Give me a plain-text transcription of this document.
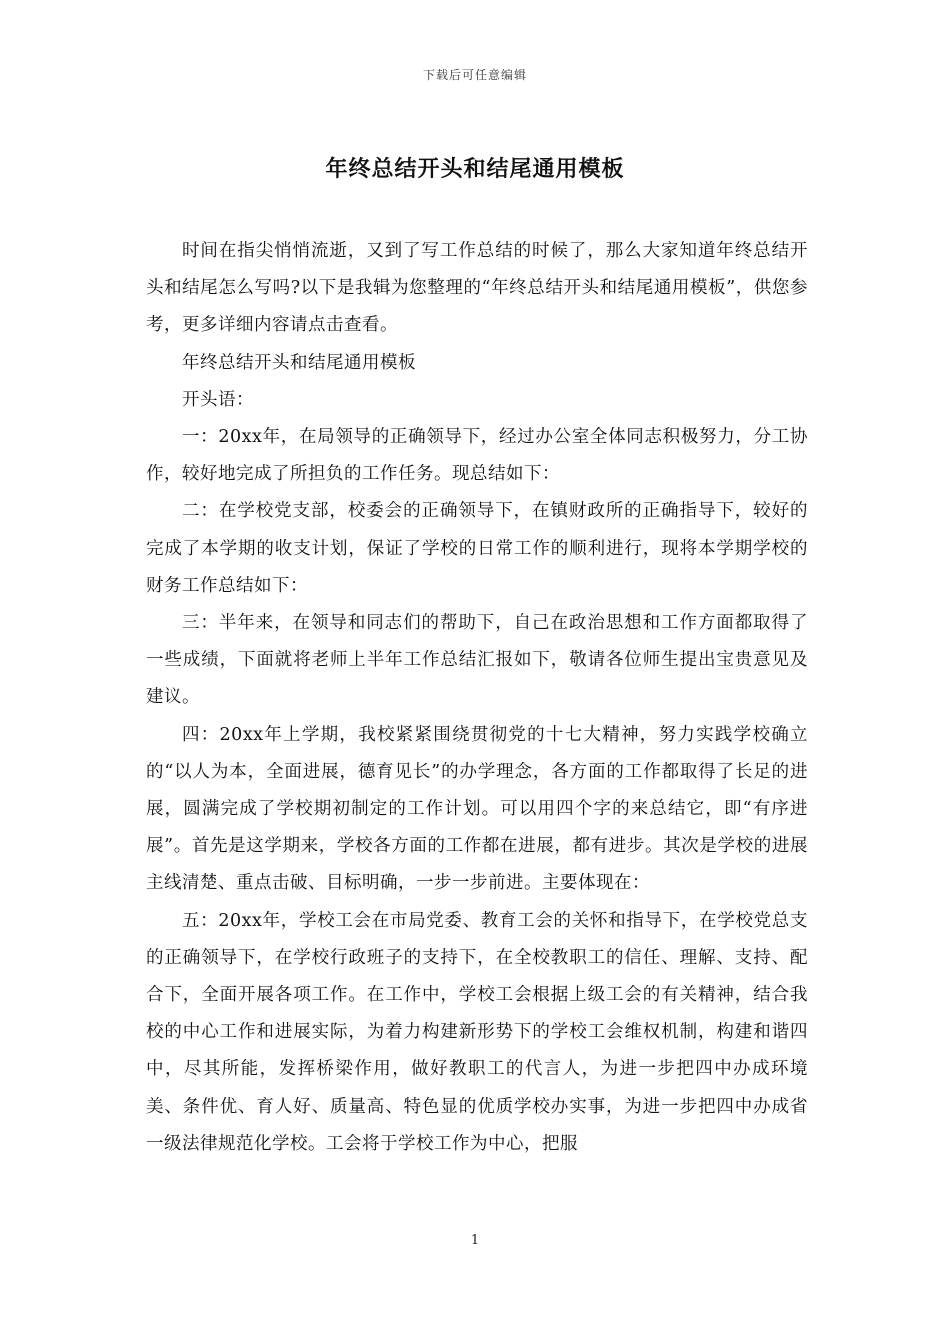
下载后可任意编辑
年终总结开头和结尾通用模板

时间在指尖悄悄流逝，又到了写工作总结的时候了，那么大家知道年终总结开头和结尾怎么写吗?以下是我辑为您整理的“年终总结开头和结尾通用模板”，供您参考，更多详细内容请点击查看。

年终总结开头和结尾通用模板

开头语：

一：20xx年，在局领导的正确领导下，经过办公室全体同志积极努力，分工协作，较好地完成了所担负的工作任务。现总结如下：

二：在学校党支部，校委会的正确领导下，在镇财政所的正确指导下，较好的完成了本学期的收支计划，保证了学校的日常工作的顺利进行，现将本学期学校的财务工作总结如下：

三：半年来，在领导和同志们的帮助下，自己在政治思想和工作方面都取得了一些成绩，下面就将老师上半年工作总结汇报如下，敬请各位师生提出宝贵意见及建议。

四：20xx年上学期，我校紧紧围绕贯彻党的十七大精神，努力实践学校确立的“以人为本，全面进展，德育见长”的办学理念，各方面的工作都取得了长足的进展，圆满完成了学校期初制定的工作计划。可以用四个字的来总结它，即“有序进展”。首先是这学期来，学校各方面的工作都在进展，都有进步。其次是学校的进展主线清楚、重点击破、目标明确，一步一步前进。主要体现在：

五：20xx年，学校工会在市局党委、教育工会的关怀和指导下，在学校党总支的正确领导下，在学校行政班子的支持下，在全校教职工的信任、理解、支持、配合下，全面开展各项工作。在工作中，学校工会根据上级工会的有关精神，结合我校的中心工作和进展实际，为着力构建新形势下的学校工会维权机制，构建和谐四中，尽其所能，发挥桥梁作用，做好教职工的代言人，为进一步把四中办成环境美、条件优、育人好、质量高、特色显的优质学校办实事，为进一步把四中办成省一级法律规范化学校。工会将于学校工作为中心，把服

1
